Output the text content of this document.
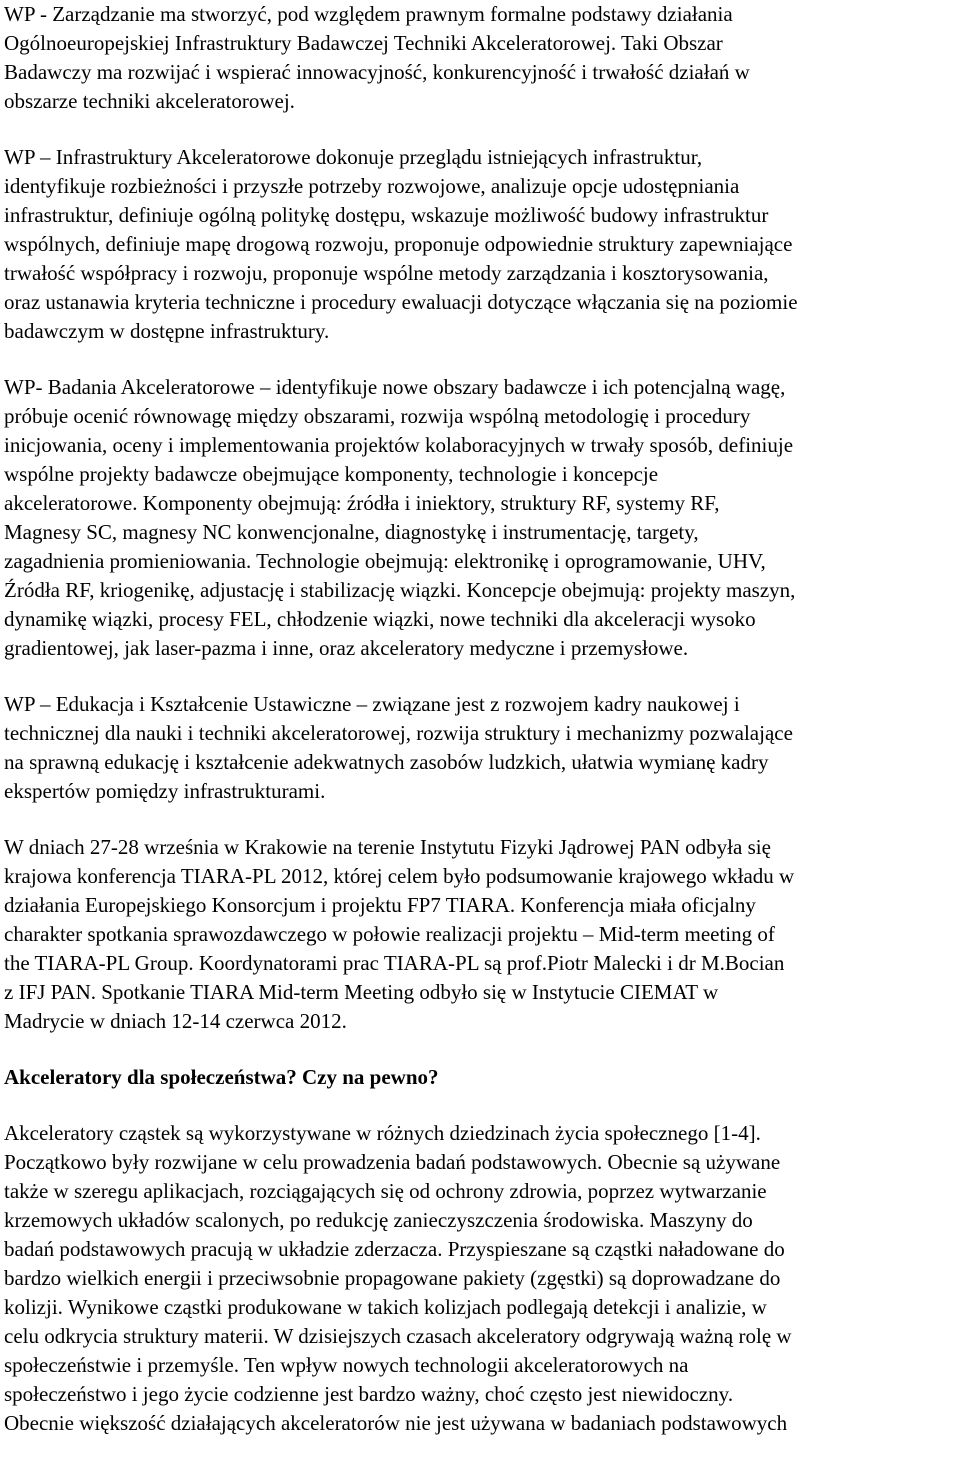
WP - Zarządzanie ma stworzyć, pod względem prawnym formalne podstawy działania
Ogólnoeuropejskiej Infrastruktury Badawczej Techniki Akceleratorowej. Taki Obszar
Badawczy ma rozwijać i wspierać innowacyjność, konkurencyjność i trwałość działań w
obszarze techniki akceleratorowej.
WP – Infrastruktury Akceleratorowe dokonuje przeglądu istniejących infrastruktur,
identyfikuje rozbieżności i przyszłe potrzeby rozwojowe, analizuje opcje udostępniania
infrastruktur, definiuje ogólną politykę dostępu, wskazuje możliwość budowy infrastruktur
wspólnych, definiuje mapę drogową rozwoju, proponuje odpowiednie struktury zapewniające
trwałość współpracy i rozwoju, proponuje wspólne metody zarządzania i kosztorysowania,
oraz ustanawia kryteria techniczne i procedury ewaluacji dotyczące włączania się na poziomie
badawczym w dostępne infrastruktury.
WP- Badania Akceleratorowe – identyfikuje nowe obszary badawcze i ich potencjalną wagę,
próbuje ocenić równowagę między obszarami, rozwija wspólną metodologię i procedury
inicjowania, oceny i implementowania projektów kolaboracyjnych w trwały sposób, definiuje
wspólne projekty badawcze obejmujące komponenty, technologie i koncepcje
akceleratorowe. Komponenty obejmują: źródła i iniektory, struktury RF, systemy RF,
Magnesy SC, magnesy NC konwencjonalne, diagnostykę i instrumentację, targety,
zagadnienia promieniowania. Technologie obejmują: elektronikę i oprogramowanie, UHV,
Źródła RF, kriogenikę, adjustację i stabilizację wiązki. Koncepcje obejmują: projekty maszyn,
dynamikę wiązki, procesy FEL, chłodzenie wiązki, nowe techniki dla akceleracji wysoko
gradientowej, jak laser-pazma i inne, oraz akceleratory medyczne i przemysłowe.
WP – Edukacja i Kształcenie Ustawiczne – związane jest z rozwojem kadry naukowej i
technicznej dla nauki i techniki akceleratorowej, rozwija struktury i mechanizmy pozwalające
na sprawną edukację i kształcenie adekwatnych zasobów ludzkich, ułatwia wymianę kadry
ekspertów pomiędzy infrastrukturami.
W dniach 27-28 września w Krakowie na terenie Instytutu Fizyki Jądrowej PAN odbyła się
krajowa konferencja TIARA-PL 2012, której celem było podsumowanie krajowego wkładu w
działania Europejskiego Konsorcjum i projektu FP7 TIARA. Konferencja miała oficjalny
charakter spotkania sprawozdawczego w połowie realizacji projektu – Mid-term meeting of
the TIARA-PL Group. Koordynatorami prac TIARA-PL są prof.Piotr Malecki i dr M.Bocian
z IFJ PAN. Spotkanie TIARA Mid-term Meeting odbyło się w Instytucie CIEMAT w
Madrycie w dniach 12-14 czerwca 2012.
Akceleratory dla społeczeństwa? Czy na pewno?
Akceleratory cząstek są wykorzystywane w różnych dziedzinach życia społecznego [1-4].
Początkowo były rozwijane w celu prowadzenia badań podstawowych. Obecnie są używane
także w szeregu aplikacjach, rozciągających się od ochrony zdrowia, poprzez wytwarzanie
krzemowych układów scalonych, po redukcję zanieczyszczenia środowiska. Maszyny do
badań podstawowych pracują w układzie zderzacza. Przyspieszane są cząstki naładowane do
bardzo wielkich energii i przeciwsobnie propagowane pakiety (zgęstki) są doprowadzane do
kolizji. Wynikowe cząstki produkowane w takich kolizjach podlegają detekcji i analizie, w
celu odkrycia struktury materii. W dzisiejszych czasach akceleratory odgrywają ważną rolę w
społeczeństwie i przemyśle. Ten wpływ nowych technologii akceleratorowych na
społeczeństwo i jego życie codzienne jest bardzo ważny, choć często jest niewidoczny.
Obecnie większość działających akceleratorów nie jest używana w badaniach podstawowych
